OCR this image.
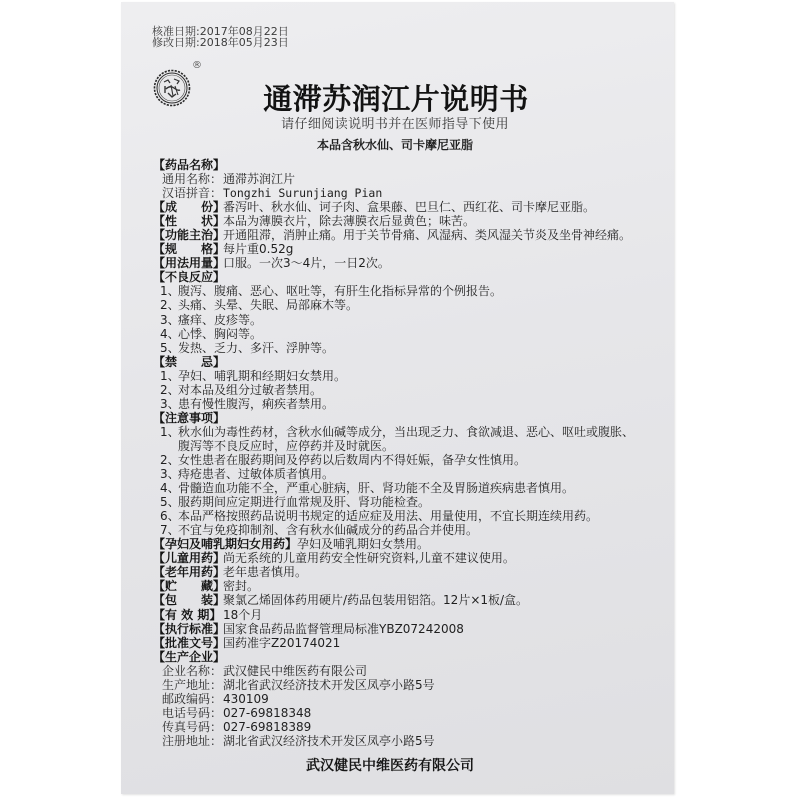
核准日期:2017年08月22日
修改日期:2018年05月23日
®
通滞苏润江片说明书
请仔细阅读说明书并在医师指导下使用
本品含秋水仙、司卡摩尼亚脂
【药品名称】
通用名称： 通滞苏润江片
汉语拼音： Tongzhi Surunjiang Pian
【成　　份】
番泻叶、秋水仙、诃子肉、盒果藤、巴旦仁、西红花、司卡摩尼亚脂。
【性　　状】
本品为薄膜衣片，除去薄膜衣后显黄色；味苦。
【功能主治】
开通阻滞，消肿止痛。用于关节骨痛、风湿病、类风湿关节炎及坐骨神经痛。
【规　　格】
每片重0.52g
【用法用量】
口服。一次3～4片，一日2次。
【不良反应】
1、
腹泻、腹痛、恶心、呕吐等，有肝生化指标异常的个例报告。
2、
头痛、头晕、失眠、局部麻木等。
3、
瘙痒、皮疹等。
4、
心悸、胸闷等。
5、
发热、乏力、多汗、浮肿等。
【禁　　忌】
1、
孕妇、哺乳期和经期妇女禁用。
2、
对本品及组分过敏者禁用。
3、
患有慢性腹泻，痢疾者禁用。
【注意事项】
1、
秋水仙为毒性药材，含秋水仙碱等成分，当出现乏力、食欲减退、恶心、呕吐或腹胀、
腹泻等不良反应时，应停药并及时就医。
2、
女性患者在服药期间及停药以后数周内不得妊娠，备孕女性慎用。
3、
痔疮患者、过敏体质者慎用。
4、
骨髓造血功能不全，严重心脏病，肝、肾功能不全及胃肠道疾病患者慎用。
5、
服药期间应定期进行血常规及肝、肾功能检查。
6、
本品严格按照药品说明书规定的适应症及用法、用量使用，不宜长期连续用药。
7、
不宜与免疫抑制剂、含有秋水仙碱成分的药品合并使用。
【孕妇及哺乳期妇女用药】 孕妇及哺乳期妇女禁用。
【儿童用药】
尚无系统的儿童用药安全性研究资料,儿童不建议使用。
【老年用药】
老年患者慎用。
【贮　　藏】
密封。
【包　　装】
聚氯乙烯固体药用硬片/药品包装用铝箔。12片×1板/盒。
【有 效 期】 18个月
【执行标准】
国家食品药品监督管理局标准YBZ07242008
【批准文号】
国药准字Z20174021
【生产企业】
企业名称： 武汉健民中维医药有限公司
生产地址： 湖北省武汉经济技术开发区凤亭小路5号
邮政编码： 430109
电话号码： 027-69818348
传真号码： 027-69818389
注册地址： 湖北省武汉经济技术开发区凤亭小路5号
武汉健民中维医药有限公司
